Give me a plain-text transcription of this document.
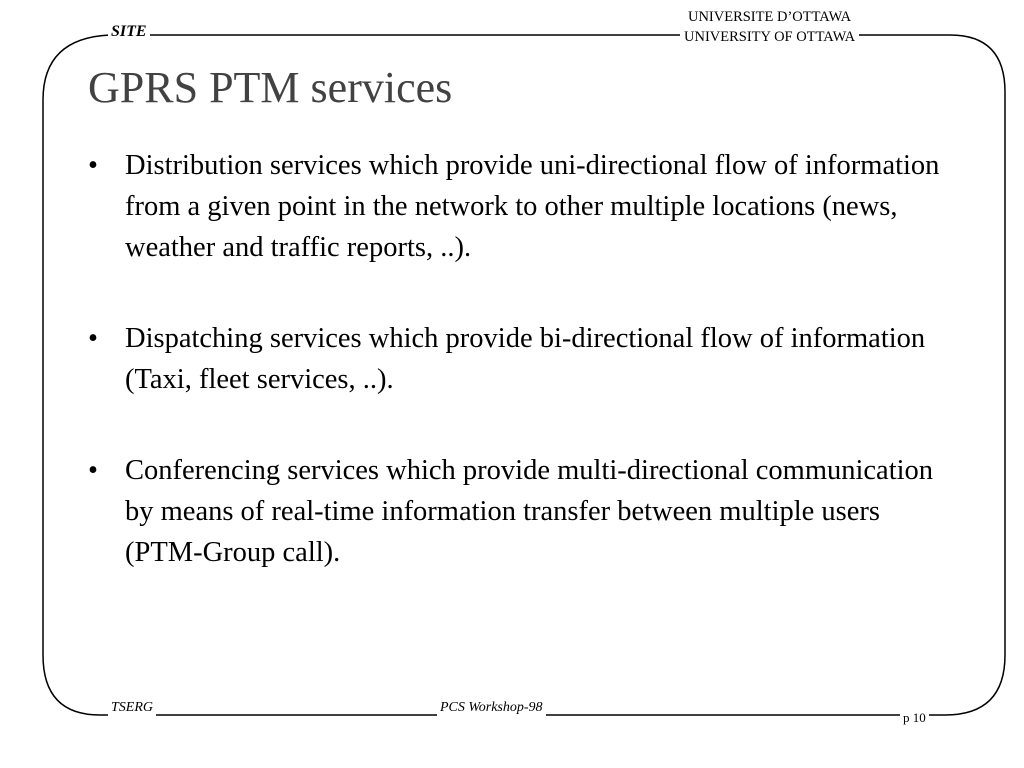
SITE
UNIVERSITE D’OTTAWA
UNIVERSITY OF OTTAWA
GPRS PTM services
• Distribution services which provide uni-directional flow of information from a given point in the network to other multiple locations (news, weather and traffic reports, ..).
• Dispatching services which provide bi-directional flow of information (Taxi, fleet services, ..).
• Conferencing services which provide multi-directional communication by means of real-time information transfer between multiple users (PTM-Group call).
TSERG	PCS Workshop-98
p 10
